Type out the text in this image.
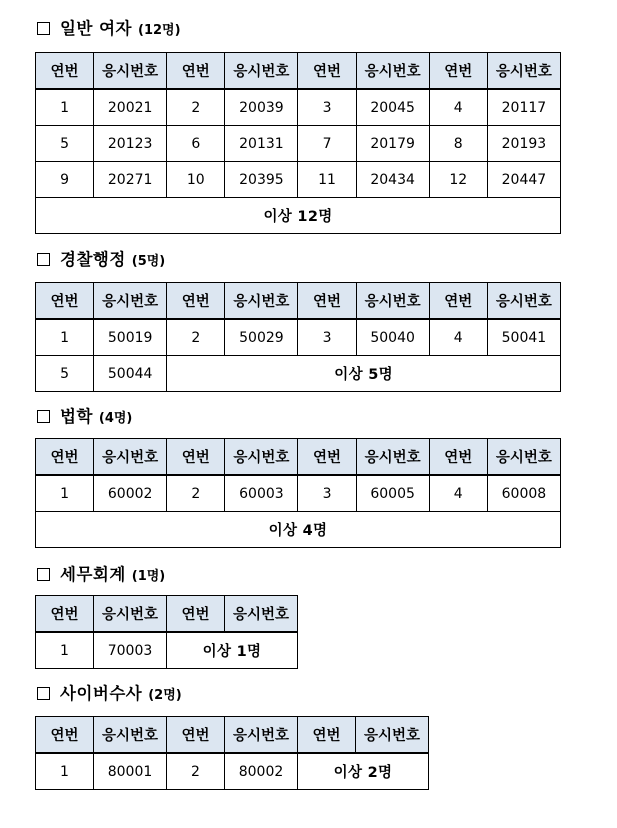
일반 여자 (12명)
연번	응시번호	연번	응시번호	연번	응시번호	연번	응시번호
1	20021	2	20039	3	20045	4	20117
5	20123	6	20131	7	20179	8	20193
9	20271	10	20395	11	20434	12	20447
이상 12명							
경찰행정 (5명)
연번	응시번호	연번	응시번호	연번	응시번호	연번	응시번호
1	50019	2	50029	3	50040	4	50041
5	50044	이상 5명					
법학 (4명)
연번	응시번호	연번	응시번호	연번	응시번호	연번	응시번호
1	60002	2	60003	3	60005	4	60008
이상 4명							
세무회계 (1명)
연번	응시번호	연번	응시번호
1	70003	이상 1명	
사이버수사 (2명)
연번	응시번호	연번	응시번호	연번	응시번호
1	80001	2	80002	이상 2명	
